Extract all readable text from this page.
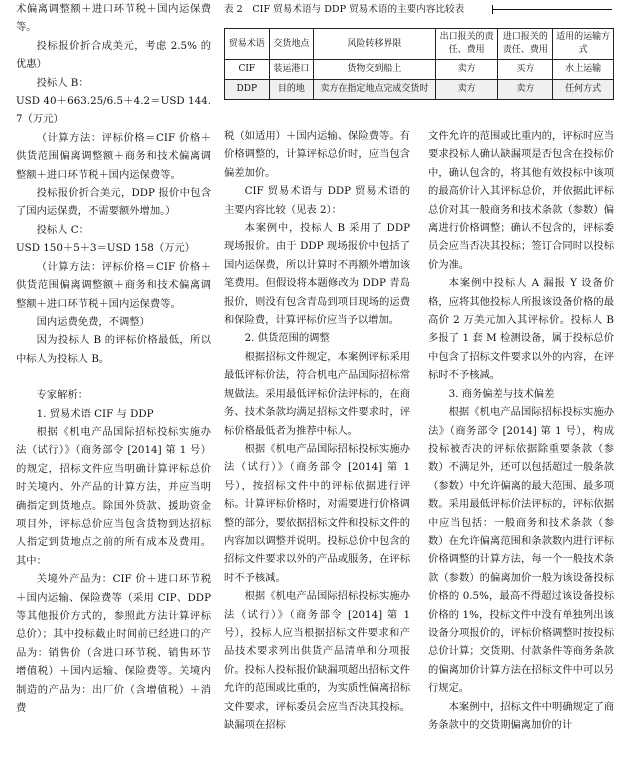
表 2　CIF 贸易术语与 DDP 贸易术语的主要内容比较表
贸易术语	交货地点	风险转移界限	出口报关的责任、费用	进口报关的责任、费用	适用的运输方式
CIF	装运港口	货物交到船上	卖方	买方	水上运输
DDP	目的地	卖方在指定地点完成交货时	卖方	卖方	任何方式

术偏离调整额＋进口环节税＋国内运保费等。

投标报价折合成美元，考虑 2.5% 的优惠）

投标人 B：

USD 40＋663.25/6.5＋4.2＝USD 144.7（万元）

（计算方法：评标价格＝CIF 价格＋供货范围偏离调整额＋商务和技术偏离调整额＋进口环节税＋国内运保费等。

投标报价折合美元，DDP 报价中包含了国内运保费，不需要额外增加。）

投标人 C：

USD 150＋5＋3＝USD 158（万元）

（计算方法：评标价格＝CIF 价格＋供货范围偏离调整额＋商务和技术偏离调整额＋进口环节税＋国内运保费等。

国内运费免费，不调整）

因为投标人 B 的评标价格最低，所以中标人为投标人 B。

专家解析：

1. 贸易术语 CIF 与 DDP

根据《机电产品国际招标投标实施办法（试行）》（商务部令 [2014] 第 1 号）的规定，招标文件应当明确计算评标总价时关境内、外产品的计算方法，并应当明确指定到货地点。除国外贷款、援助资金项目外，评标总价应当包含货物到达招标人指定到货地点之前的所有成本及费用。其中：

关境外产品为：CIF 价＋进口环节税＋国内运输、保险费等（采用 CIP、DDP 等其他报价方式的，参照此方法计算评标总价）；其中投标截止时间前已经进口的产品为：销售价（含进口环节税、销售环节增值税）＋国内运输、保险费等。关境内制造的产品为：出厂价（含增值税）＋消费

税（如适用）＋国内运输、保险费等。有价格调整的，计算评标总价时，应当包含偏差加价。

CIF 贸易术语与 DDP 贸易术语的主要内容比较（见表 2）：

本案例中，投标人 B 采用了 DDP 现场报价。由于 DDP 现场报价中包括了国内运保费，所以计算时不再额外增加该笔费用。但假设将本题修改为 DDP 青岛报价，则没有包含青岛到项目现场的运费和保险费，计算评标价应当予以增加。

2. 供货范围的调整

根据招标文件规定，本案例评标采用最低评标价法，符合机电产品国际招标常规做法。采用最低评标价法评标的，在商务、技术条款均满足招标文件要求时，评标价格最低者为推荐中标人。

根据《机电产品国际招标投标实施办法（试行）》（商务部令 [2014] 第 1 号），按招标文件中的评标依据进行评标。计算评标价格时，对需要进行价格调整的部分，要依据招标文件和投标文件的内容加以调整并说明。投标总价中包含的招标文件要求以外的产品或服务，在评标时不予核减。

根据《机电产品国际招标投标实施办法（试行）》（商务部令 [2014] 第 1 号），投标人应当根据招标文件要求和产品技术要求列出供货产品清单和分项报价。投标人投标报价缺漏项超出招标文件允许的范围或比重的，为实质性偏离招标文件要求，评标委员会应当否决其投标。缺漏项在招标

文件允许的范围或比重内的，评标时应当要求投标人确认缺漏项是否包含在投标价中，确认包含的，将其他有效投标中该项的最高价计入其评标总价，并依据此评标总价对其一般商务和技术条款（参数）偏离进行价格调整；确认不包含的，评标委员会应当否决其投标；签订合同时以投标价为准。

本案例中投标人 A 漏报 Y 设备价格，应将其他投标人所报该设备价格的最高价 2 万美元加入其评标价。投标人 B 多报了 1 套 M 检测设备，属于投标总价中包含了招标文件要求以外的内容，在评标时不予核减。

3. 商务偏差与技术偏差

根据《机电产品国际招标投标实施办法》（商务部令 [2014] 第 1 号），构成投标被否决的评标依据除重要条款（参数）不满足外，还可以包括超过一般条款（参数）中允许偏离的最大范围、最多项数。采用最低评标价法评标的，评标依据中应当包括：一般商务和技术条款（参数）在允许偏离范围和条款数内进行评标价格调整的计算方法，每一个一般技术条款（参数）的偏离加价一般为该设备投标价格的 0.5%，最高不得超过该设备投标价格的 1%，投标文件中没有单独列出该设备分项报价的，评标价格调整时按投标总价计算；交货期、付款条件等商务条款的偏离加价计算方法在招标文件中可以另行规定。

本案例中，招标文件中明确规定了商务条款中的交货期偏离加价的计
